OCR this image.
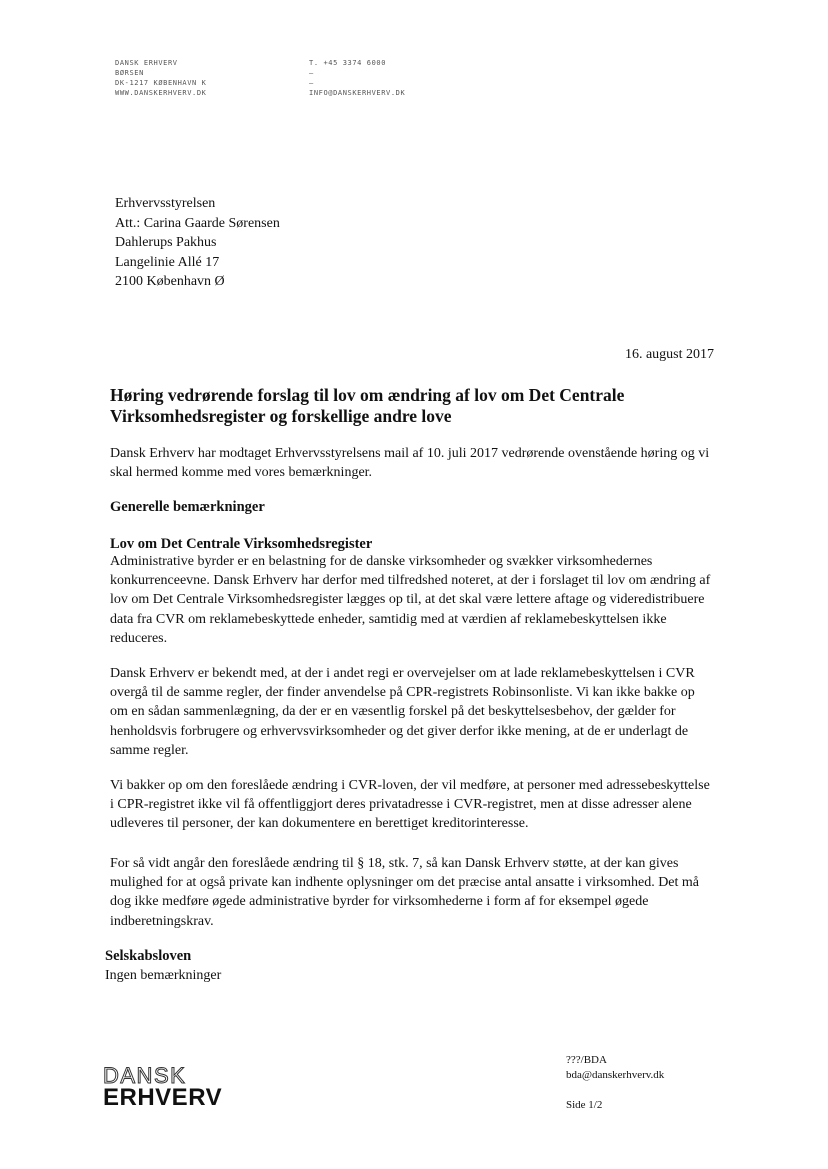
DANSK ERHVERV
BØRSEN
DK-1217 KØBENHAVN K
WWW.DANSKERHVERV.DK
T. +45 3374 6000
–
–
INFO@DANSKERHVERV.DK
Erhvervsstyrelsen
Att.: Carina Gaarde Sørensen
Dahlerups Pakhus
Langelinie Allé 17
2100 København Ø
16. august 2017
Høring vedrørende forslag til lov om ændring af lov om Det Centrale Virksomhedsregister og forskellige andre love
Dansk Erhverv har modtaget Erhvervsstyrelsens mail af 10. juli 2017 vedrørende ovenstående høring og vi skal hermed komme med vores bemærkninger.
Generelle bemærkninger
Lov om Det Centrale Virksomhedsregister
Administrative byrder er en belastning for de danske virksomheder og svækker virksomhedernes konkurrenceevne. Dansk Erhverv har derfor med tilfredshed noteret, at der i forslaget til lov om ændring af lov om Det Centrale Virksomhedsregister lægges op til, at det skal være lettere aftage og videredistribuere data fra CVR om reklamebeskyttede enheder, samtidig med at værdien af reklamebeskyttelsen ikke reduceres.
Dansk Erhverv er bekendt med, at der i andet regi er overvejelser om at lade reklamebeskyttelsen i CVR overgå til de samme regler, der finder anvendelse på CPR-registrets Robinsonliste. Vi kan ikke bakke op om en sådan sammenlægning, da der er en væsentlig forskel på det beskyttelsesbehov, der gælder for henholdsvis forbrugere og erhvervsvirksomheder og det giver derfor ikke mening, at de er underlagt de samme regler.
Vi bakker op om den foreslåede ændring i CVR-loven, der vil medføre, at personer med adressebeskyttelse i CPR-registret ikke vil få offentliggjort deres privatadresse i CVR-registret, men at disse adresser alene udleveres til personer, der kan dokumentere en berettiget kreditorinteresse.
For så vidt angår den foreslåede ændring til § 18, stk. 7, så kan Dansk Erhverv støtte, at der kan gives mulighed for at også private kan indhente oplysninger om det præcise antal ansatte i virksomhed. Det må dog ikke medføre øgede administrative byrder for virksomhederne i form af for eksempel øgede indberetningskrav.
Selskabsloven
Ingen bemærkninger
DANSK
ERHVERV
???/BDA
bda@danskerhverv.dk
Side 1/2
